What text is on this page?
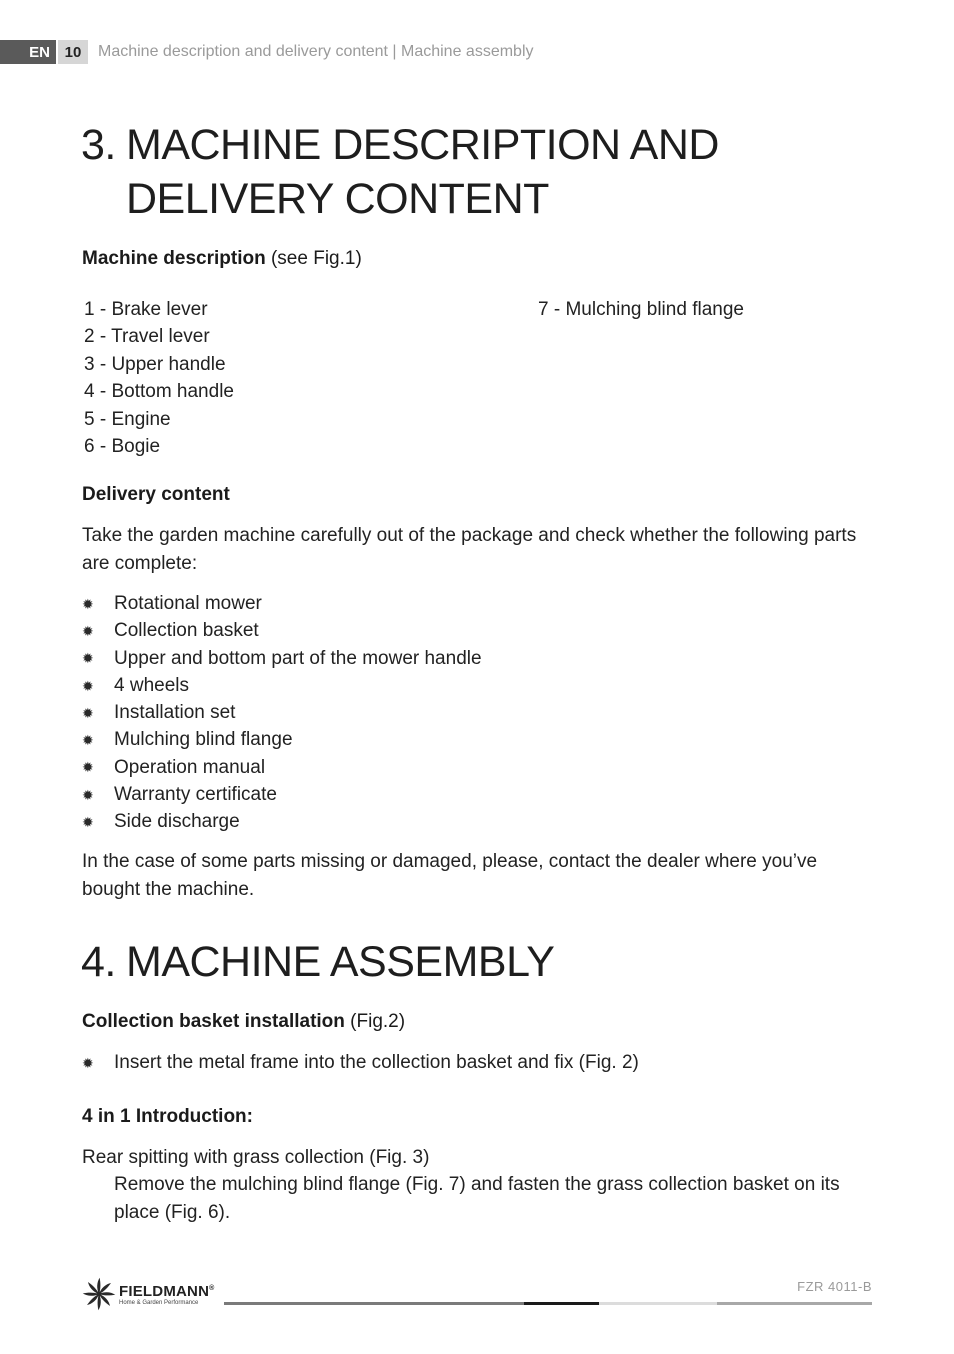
EN 10	Machine description and delivery content | Machine assembly
3. MACHINE DESCRIPTION AND
DELIVERY CONTENT
Machine description (see Fig.1)
1 - Brake lever
2 - Travel lever
3 - Upper handle
4 - Bottom handle
5 - Engine
6 - Bogie
7 - Mulching blind flange
Delivery content
Take the garden machine carefully out of the package and check whether the following parts are complete:
✹	Rotational mower
✹	Collection basket
✹	Upper and bottom part of the mower handle
✹	4 wheels
✹	Installation set
✹	Mulching blind flange
✹	Operation manual
✹	Warranty certificate
✹	Side discharge
In the case of some parts missing or damaged, please, contact the dealer where you’ve bought the machine.
4. MACHINE ASSEMBLY
Collection basket installation (Fig.2)
✹	Insert the metal frame into the collection basket and fix (Fig. 2)
4 in 1 Introduction:
Rear spitting with grass collection (Fig. 3)
Remove the mulching blind flange (Fig. 7) and fasten the grass collection basket on its place (Fig. 6).
FIELDMANN®
Home & Garden Performance
FZR 4011-B
